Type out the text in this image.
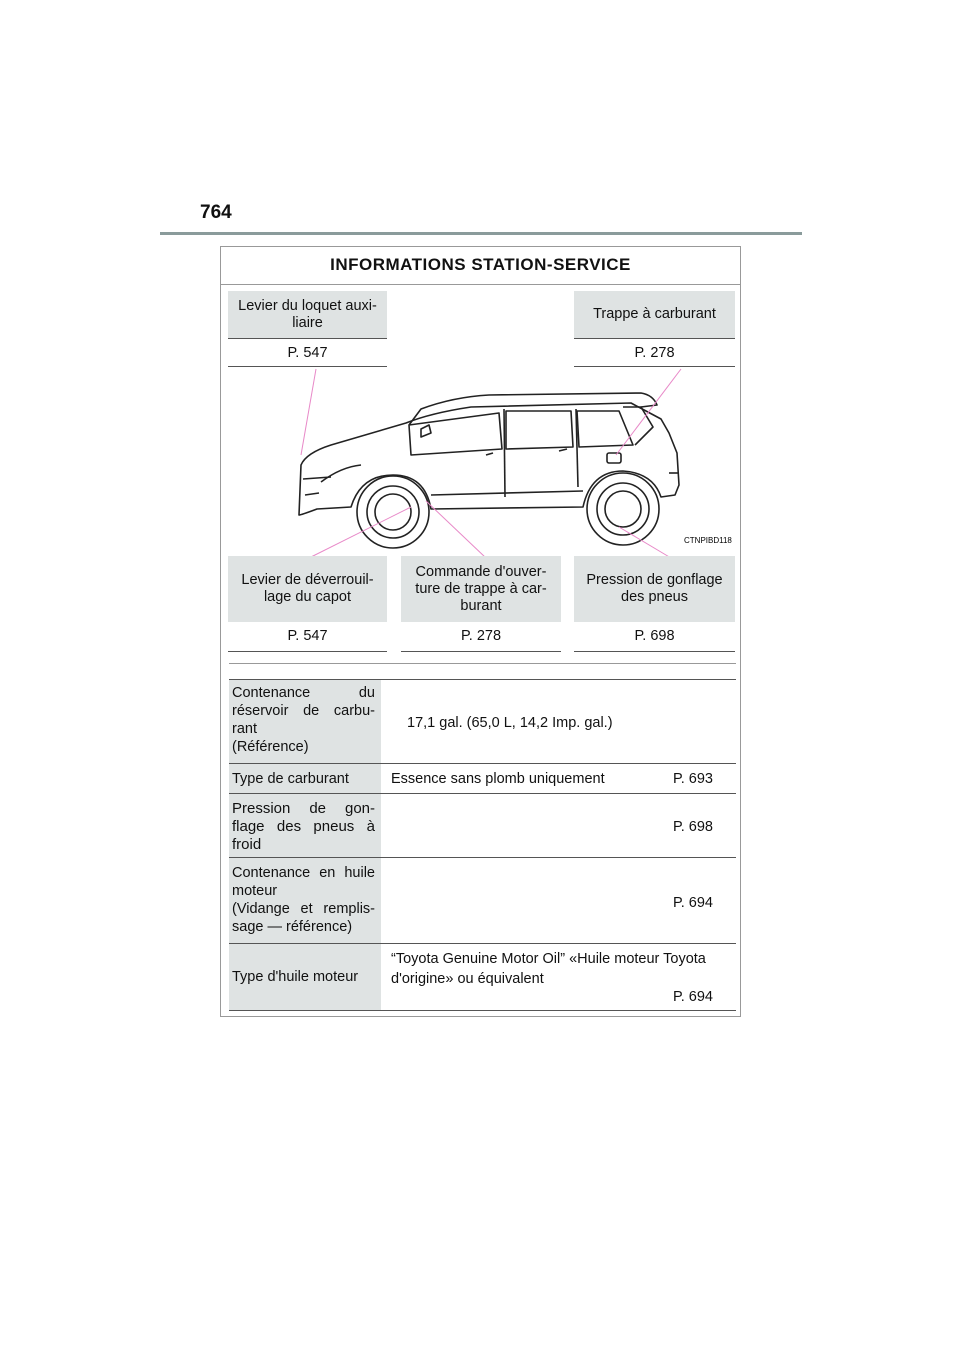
764
INFORMATIONS STATION-SERVICE
Levier du loquet auxi-
liaire
P. 547
Trappe à carburant
P. 278
CTNPIBD118
Levier de déverrouil-
lage du capot
P. 547
Commande d'ouver-
ture de trappe à car-
burant
P. 278
Pression de gonflage
des pneus
P. 698
Contenance du
réservoir de carbu-
rant
(Référence)
17,1 gal. (65,0 L, 14,2 Imp. gal.)
Type de carburant	Essence sans plomb uniquement	P. 693
Pression de gon-
flage des pneus à
froid
P. 698
Contenance en huile
moteur
(Vidange et remplis-
sage — référence)
P. 694
Type d'huile moteur
“Toyota Genuine Motor Oil” «Huile moteur Toyota
d'origine» ou équivalent
P. 694
